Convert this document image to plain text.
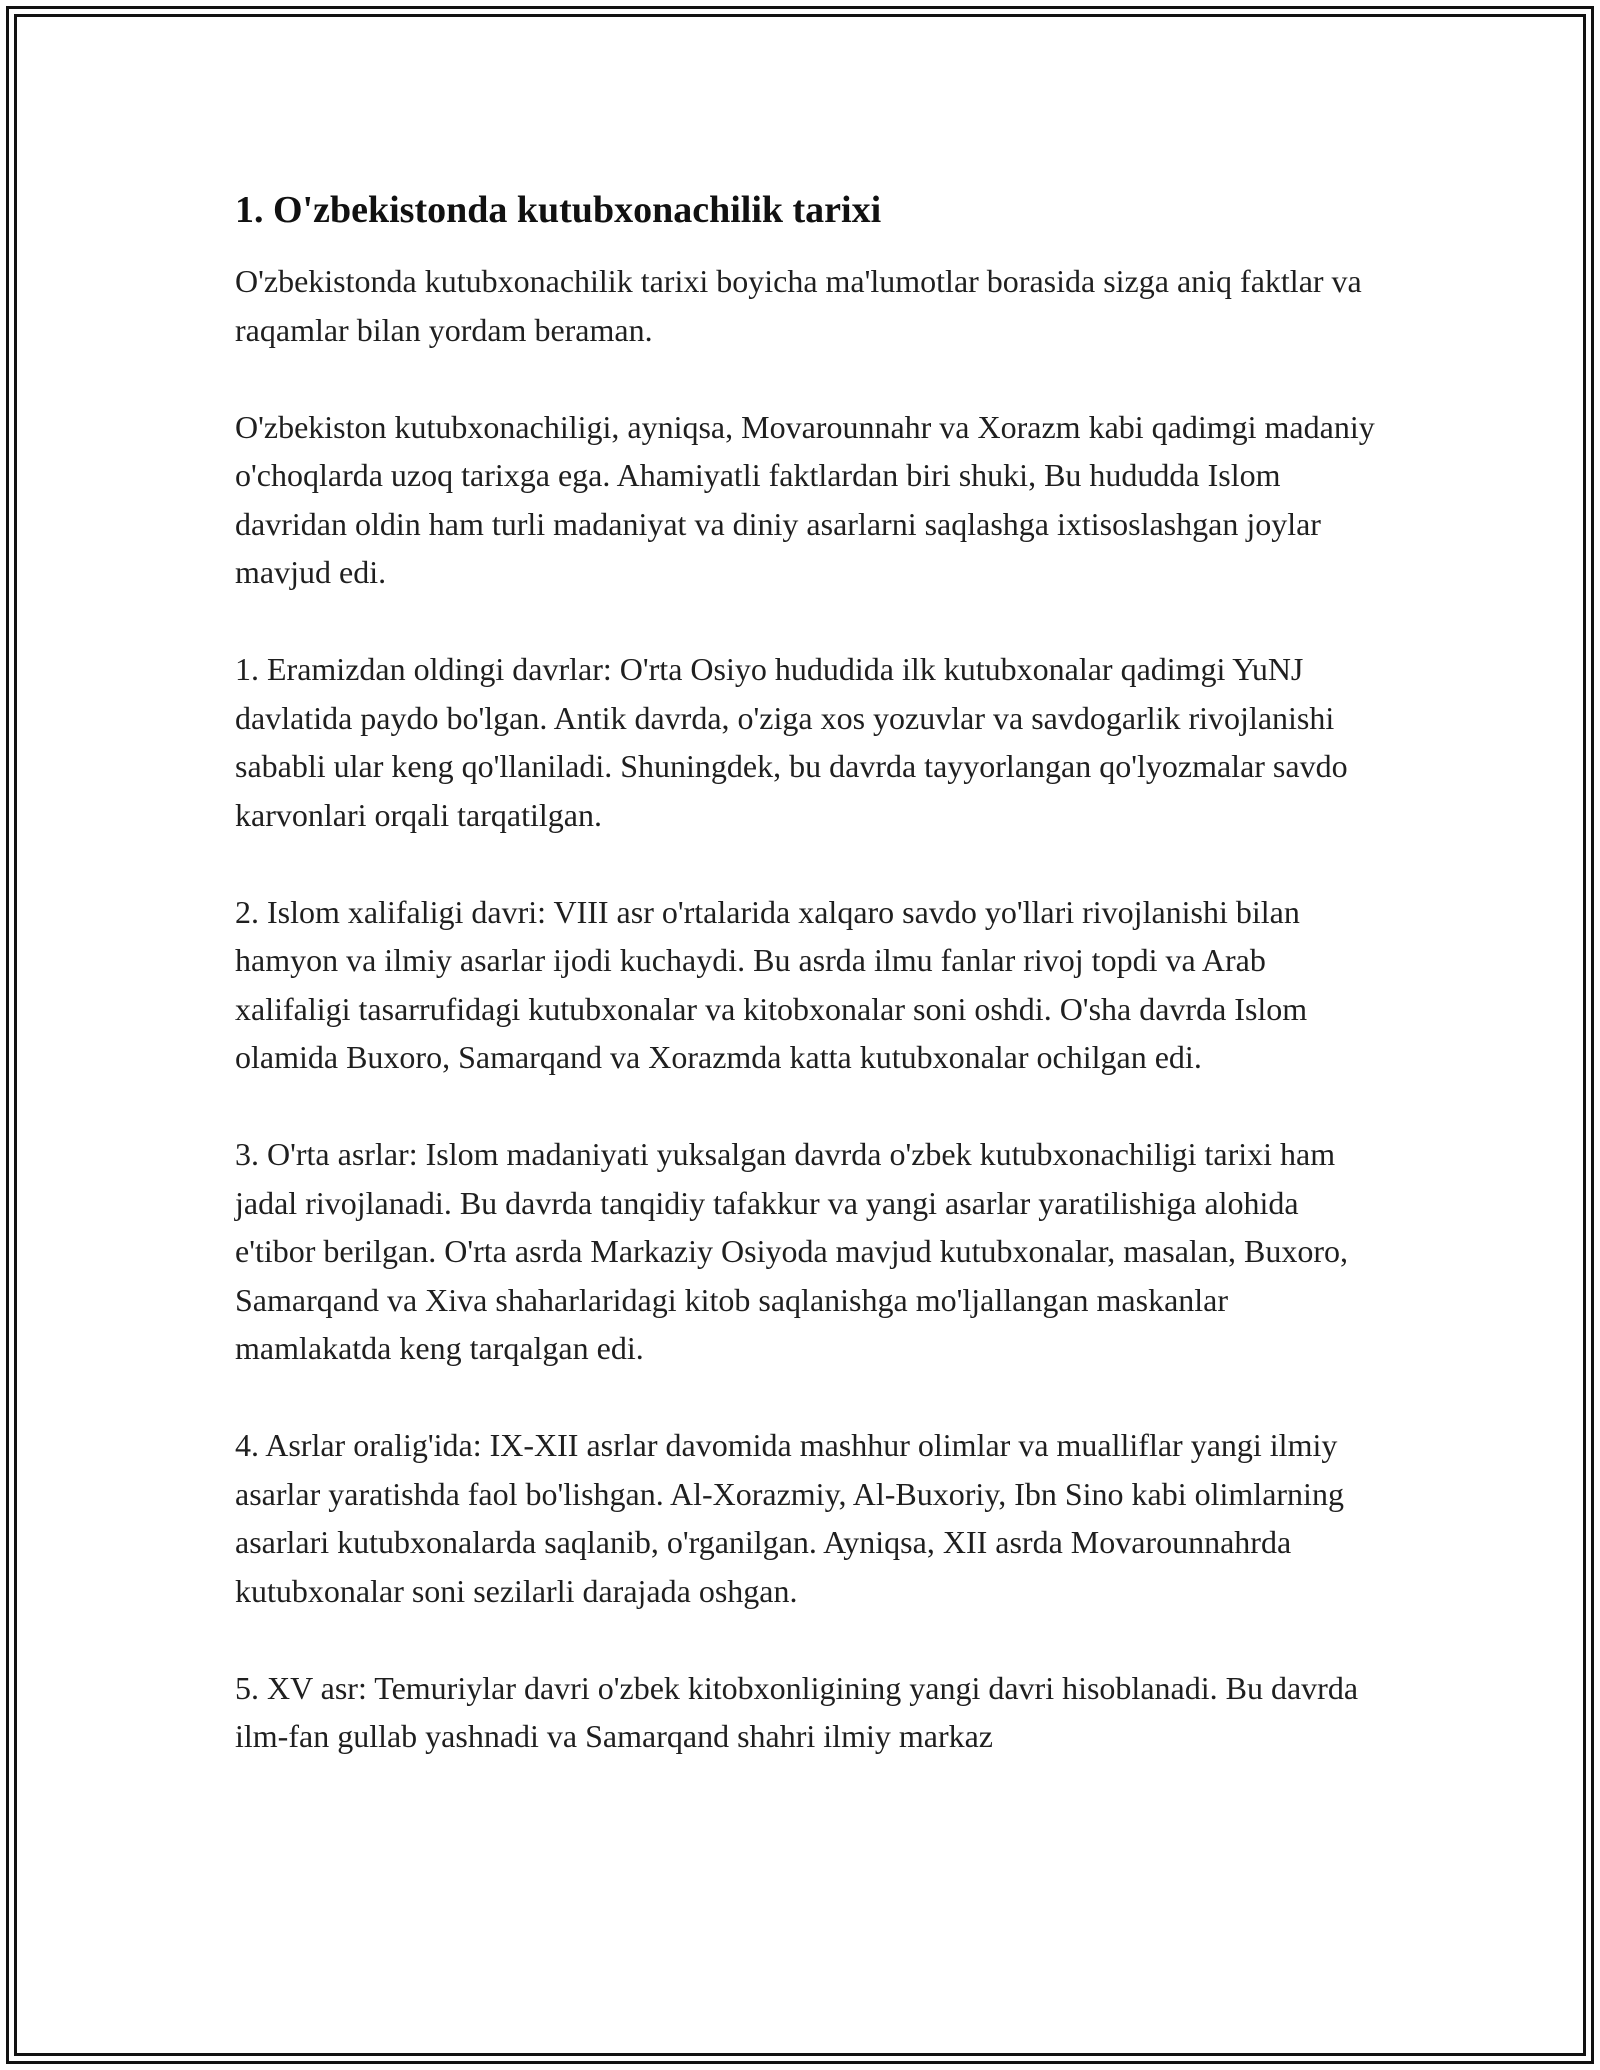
1. O'zbekistonda kutubxonachilik tarixi

O'zbekistonda kutubxonachilik tarixi boyicha ma'lumotlar borasida sizga aniq faktlar va raqamlar bilan yordam beraman.

O'zbekiston kutubxonachiligi, ayniqsa, Movarounnahr va Xorazm kabi qadimgi madaniy o'choqlarda uzoq tarixga ega. Ahamiyatli faktlardan biri shuki, Bu hududda Islom davridan oldin ham turli madaniyat va diniy asarlarni saqlashga ixtisoslashgan joylar mavjud edi.

1. Eramizdan oldingi davrlar: O'rta Osiyo hududida ilk kutubxonalar qadimgi YuNJ davlatida paydo bo'lgan. Antik davrda, o'ziga xos yozuvlar va savdogarlik rivojlanishi sababli ular keng qo'llaniladi. Shuningdek, bu davrda tayyorlangan qo'lyozmalar savdo karvonlari orqali tarqatilgan.

2. Islom xalifaligi davri: VIII asr o'rtalarida xalqaro savdo yo'llari rivojlanishi bilan hamyon va ilmiy asarlar ijodi kuchaydi. Bu asrda ilmu fanlar rivoj topdi va Arab xalifaligi tasarrufidagi kutubxonalar va kitobxonalar soni oshdi. O'sha davrda Islom olamida Buxoro, Samarqand va Xorazmda katta kutubxonalar ochilgan edi.

3. O'rta asrlar: Islom madaniyati yuksalgan davrda o'zbek kutubxonachiligi tarixi ham jadal rivojlanadi. Bu davrda tanqidiy tafakkur va yangi asarlar yaratilishiga alohida e'tibor berilgan. O'rta asrda Markaziy Osiyoda mavjud kutubxonalar, masalan, Buxoro, Samarqand va Xiva shaharlaridagi kitob saqlanishga mo'ljallangan maskanlar mamlakatda keng tarqalgan edi.

4. Asrlar oralig'ida: IX-XII asrlar davomida mashhur olimlar va mualliflar yangi ilmiy asarlar yaratishda faol bo'lishgan. Al-Xorazmiy, Al-Buxoriy, Ibn Sino kabi olimlarning asarlari kutubxonalarda saqlanib, o'rganilgan. Ayniqsa, XII asrda Movarounnahrda kutubxonalar soni sezilarli darajada oshgan.

5. XV asr: Temuriylar davri o'zbek kitobxonligining yangi davri hisoblanadi. Bu davrda ilm-fan gullab yashnadi va Samarqand shahri ilmiy markaz
